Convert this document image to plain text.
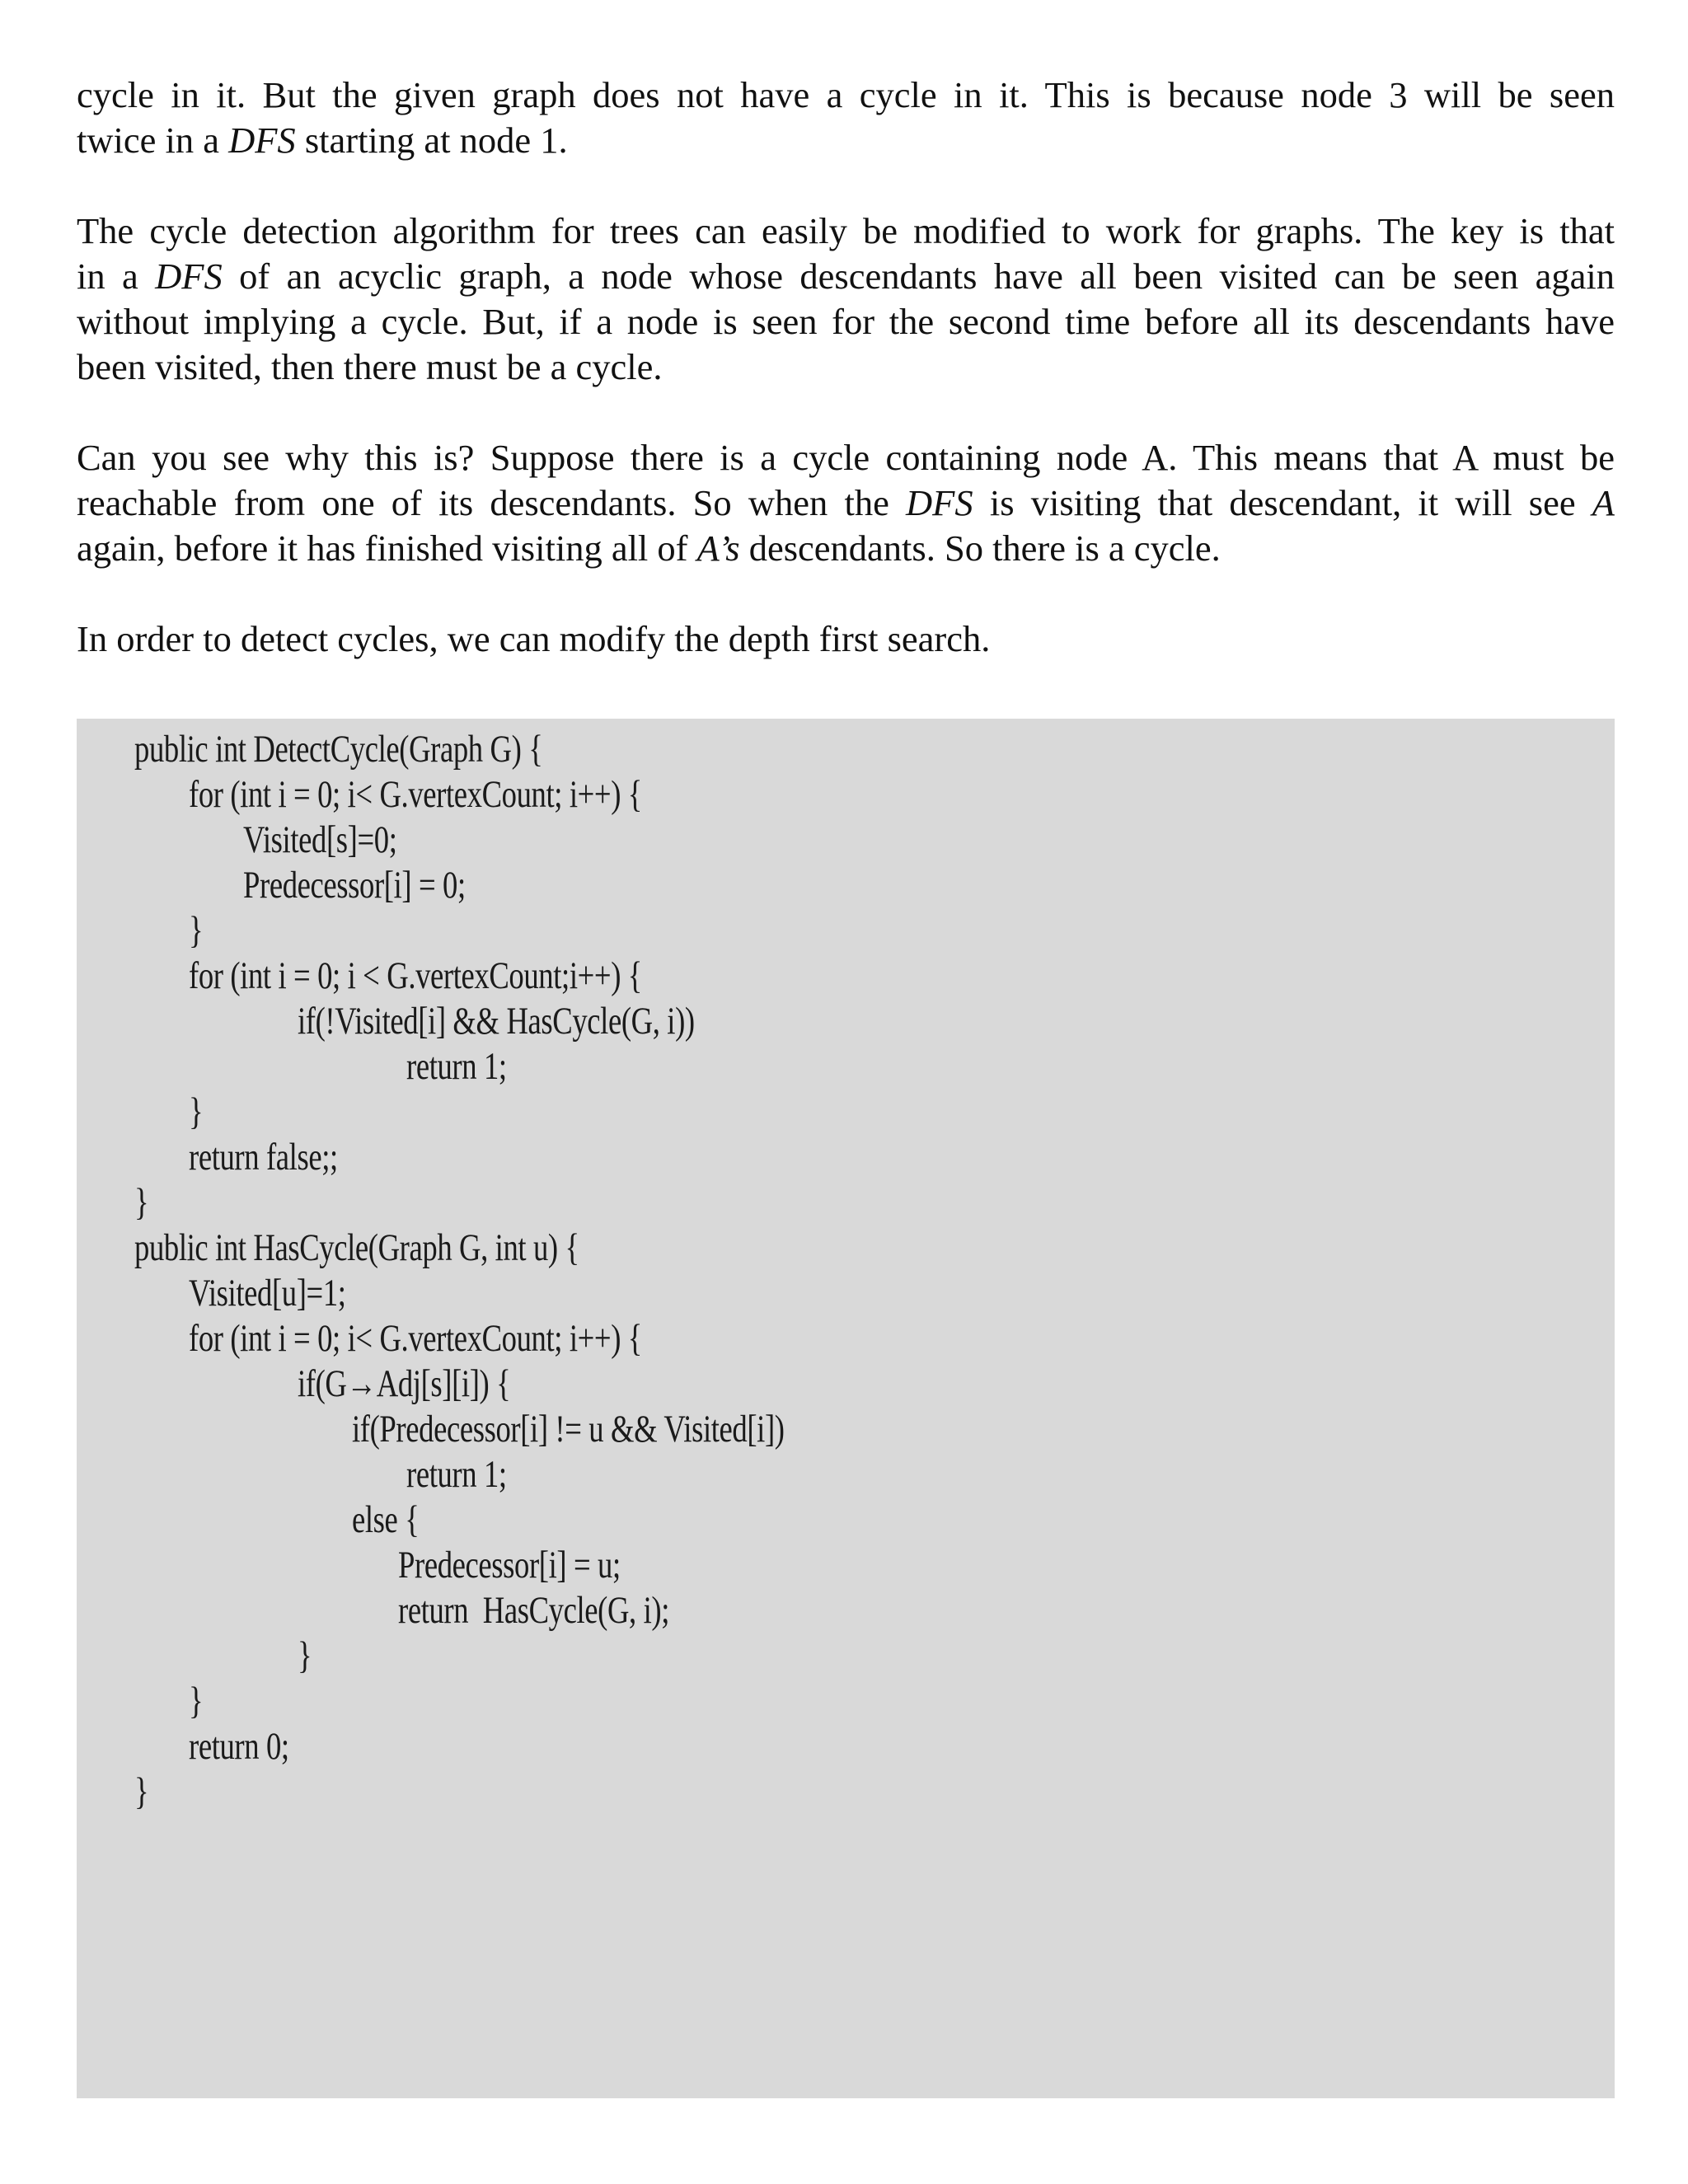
cycle in it. But the given graph does not have a cycle in it. This is because node 3 will be seen
twice in a DFS starting at node 1.
The cycle detection algorithm for trees can easily be modified to work for graphs. The key is that
in a DFS of an acyclic graph, a node whose descendants have all been visited can be seen again
without implying a cycle. But, if a node is seen for the second time before all its descendants have
been visited, then there must be a cycle.
Can you see why this is? Suppose there is a cycle containing node A. This means that A must be
reachable from one of its descendants. So when the DFS is visiting that descendant, it will see A
again, before it has finished visiting all of A’s descendants. So there is a cycle.
In order to detect cycles, we can modify the depth first search.
public int DetectCycle(Graph G) {
for (int i = 0; i< G.vertexCount; i++) {
Visited[s]=0;
Predecessor[i] = 0;
}
for (int i = 0; i < G.vertexCount;i++) {
if(!Visited[i] && HasCycle(G, i))
return 1;
}
return false;;
}
public int HasCycle(Graph G, int u) {
Visited[u]=1;
for (int i = 0; i< G.vertexCount; i++) {
if(G→Adj[s][i]) {
if(Predecessor[i] != u && Visited[i])
return 1;
else {
Predecessor[i] = u;
return  HasCycle(G, i);
}
}
return 0;
}
